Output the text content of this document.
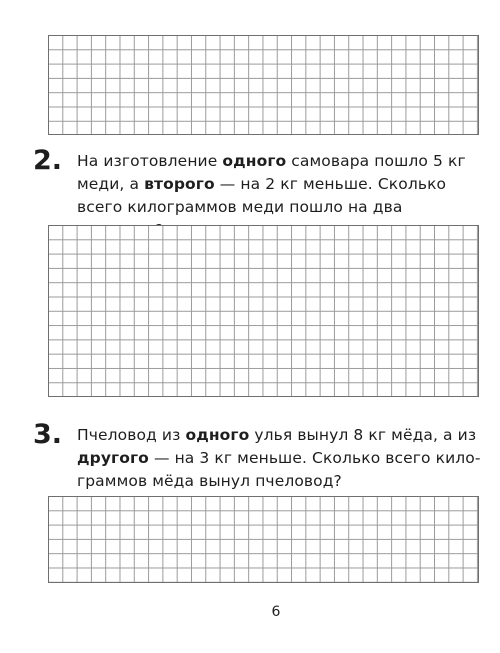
2. На изготовление одного самовара пошло 5 кг меди, а второго — на 2 кг меньше. Сколько всего килограммов меди пошло на два
3. Пчеловод из одного улья вынул 8 кг мёда, а из другого — на 3 кг меньше. Сколько всего кило-граммов мёда вынул пчеловод?
6
